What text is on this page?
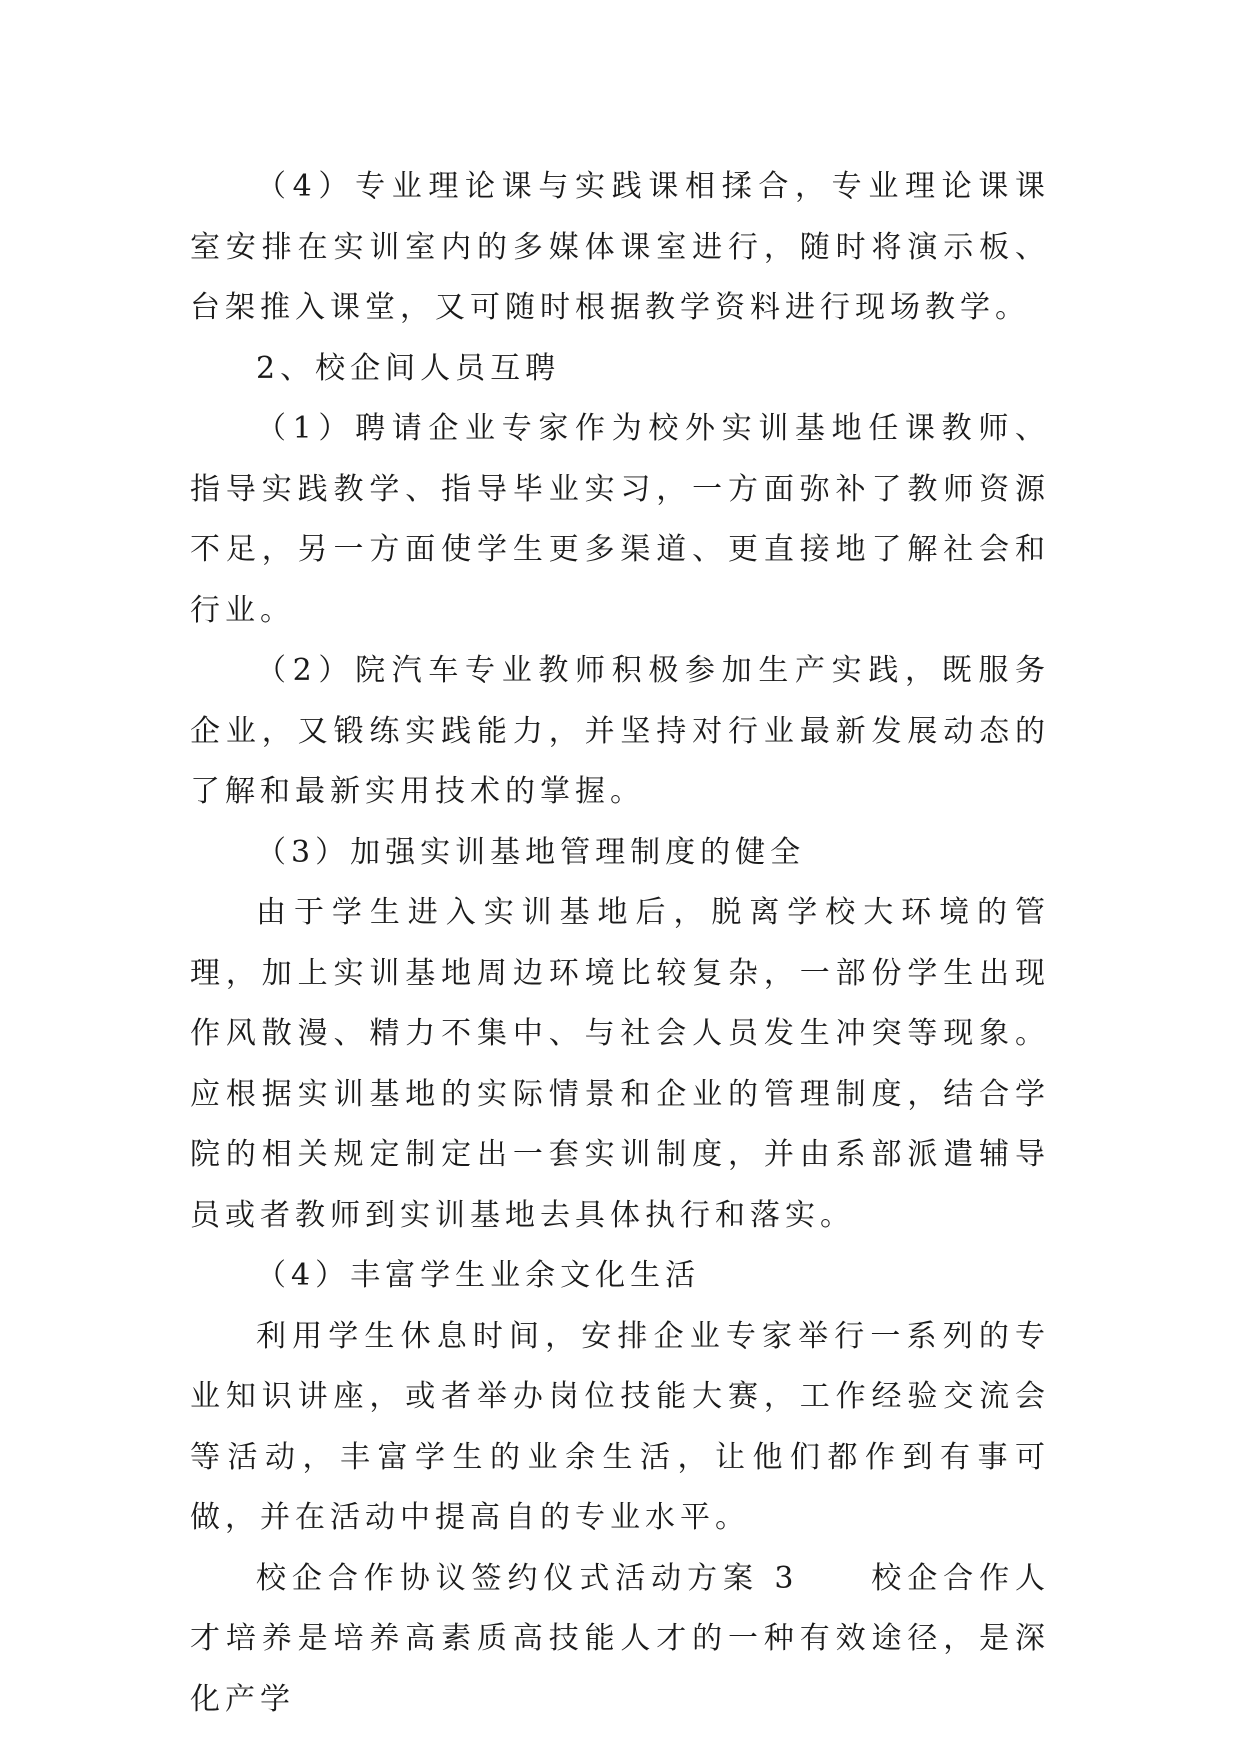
（4）专业理论课与实践课相揉合，专业理论课课室安排在实训室内的多媒体课室进行，随时将演示板、台架推入课堂，又可随时根据教学资料进行现场教学。

2、校企间人员互聘

（1）聘请企业专家作为校外实训基地任课教师、指导实践教学、指导毕业实习，一方面弥补了教师资源不足，另一方面使学生更多渠道、更直接地了解社会和行业。

（2）院汽车专业教师积极参加生产实践，既服务企业，又锻练实践能力，并坚持对行业最新发展动态的了解和最新实用技术的掌握。

（3）加强实训基地管理制度的健全

由于学生进入实训基地后，脱离学校大环境的管理，加上实训基地周边环境比较复杂，一部份学生出现作风散漫、精力不集中、与社会人员发生冲突等现象。应根据实训基地的实际情景和企业的管理制度，结合学院的相关规定制定出一套实训制度，并由系部派遣辅导员或者教师到实训基地去具体执行和落实。

（4）丰富学生业余文化生活

利用学生休息时间，安排企业专家举行一系列的专业知识讲座，或者举办岗位技能大赛，工作经验交流会等活动，丰富学生的业余生活，让他们都作到有事可做，并在活动中提高自的专业水平。

校企合作协议签约仪式活动方案 3　　校企合作人才培养是培养高素质高技能人才的一种有效途径，是深化产学
